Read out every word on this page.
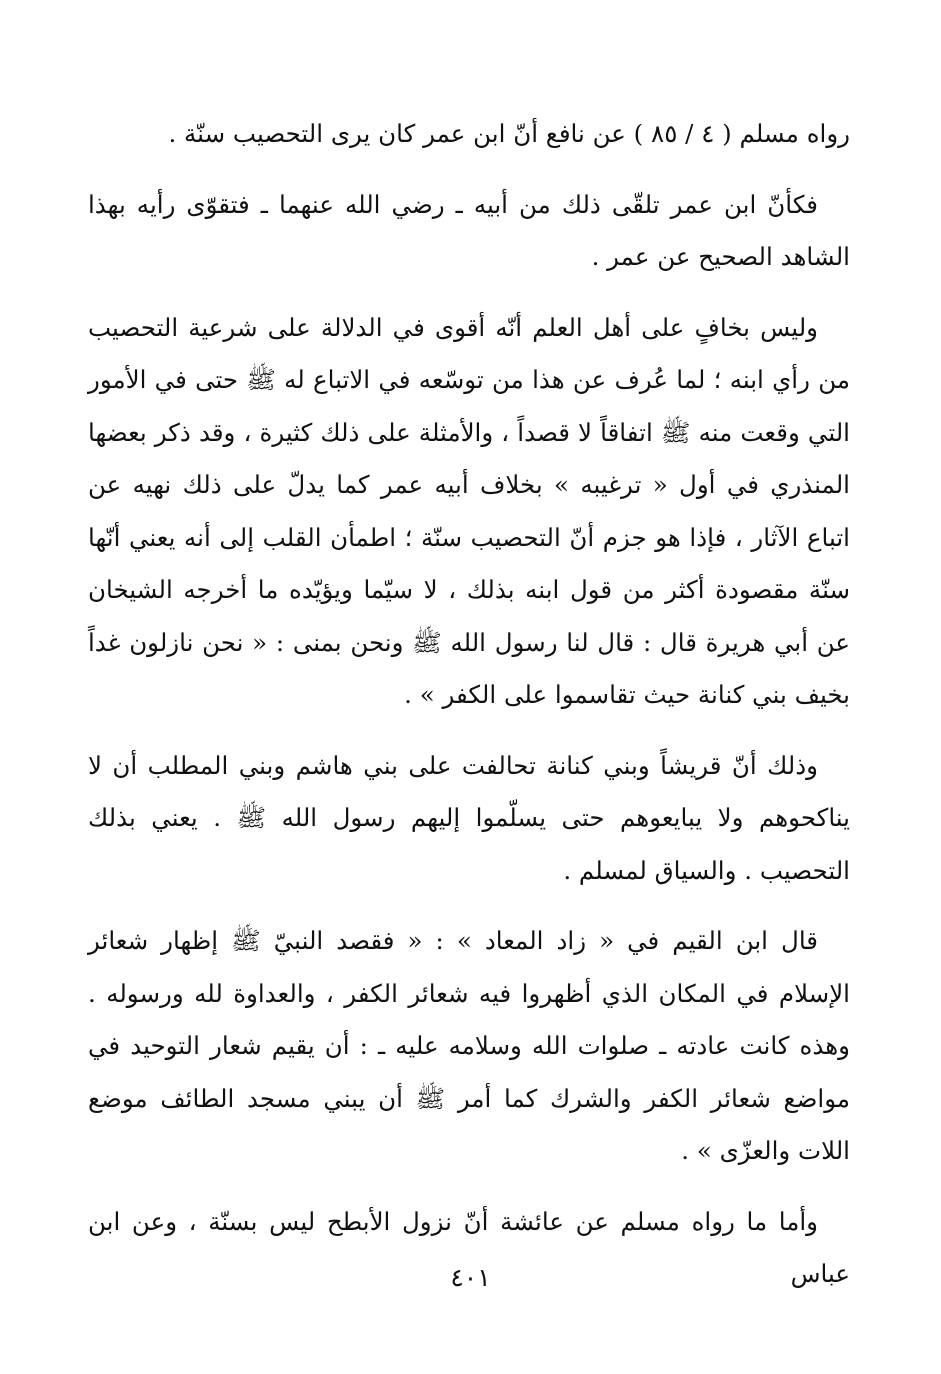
رواه مسلم ( ٤ / ٨٥ ) عن نافع أنّ ابن عمر كان يرى التحصيب سنّة .

فكأنّ ابن عمر تلقّى ذلك من أبيه ـ رضي الله عنهما ـ فتقوّى رأيه بهذا الشاهد الصحيح عن عمر .

وليس بخافٍ على أهل العلم أنّه أقوى في الدلالة على شرعية التحصيب من رأي ابنه ؛ لما عُرف عن هذا من توسّعه في الاتباع له ﷺ حتى في الأمور التي وقعت منه ﷺ اتفاقاً لا قصداً ، والأمثلة على ذلك كثيرة ، وقد ذكر بعضها المنذري في أول « ترغيبه » بخلاف أبيه عمر كما يدلّ على ذلك نهيه عن اتباع الآثار ، فإذا هو جزم أنّ التحصيب سنّة ؛ اطمأن القلب إلى أنه يعني أنّها سنّة مقصودة أكثر من قول ابنه بذلك ، لا سيّما ويؤيّده ما أخرجه الشيخان عن أبي هريرة قال : قال لنا رسول الله ﷺ ونحن بمنى : « نحن نازلون غداً بخيف بني كنانة حيث تقاسموا على الكفر » .

وذلك أنّ قريشاً وبني كنانة تحالفت على بني هاشم وبني المطلب أن لا يناكحوهم ولا يبايعوهم حتى يسلّموا إليهم رسول الله ﷺ . يعني بذلك التحصيب . والسياق لمسلم .

قال ابن القيم في « زاد المعاد » : « فقصد النبيّ ﷺ إظهار شعائر الإسلام في المكان الذي أظهروا فيه شعائر الكفر ، والعداوة لله ورسوله . وهذه كانت عادته ـ صلوات الله وسلامه عليه ـ : أن يقيم شعار التوحيد في مواضع شعائر الكفر والشرك كما أمر ﷺ أن يبني مسجد الطائف موضع اللات والعزّى » .

وأما ما رواه مسلم عن عائشة أنّ نزول الأبطح ليس بسنّة ، وعن ابن عباس

٤٠١
